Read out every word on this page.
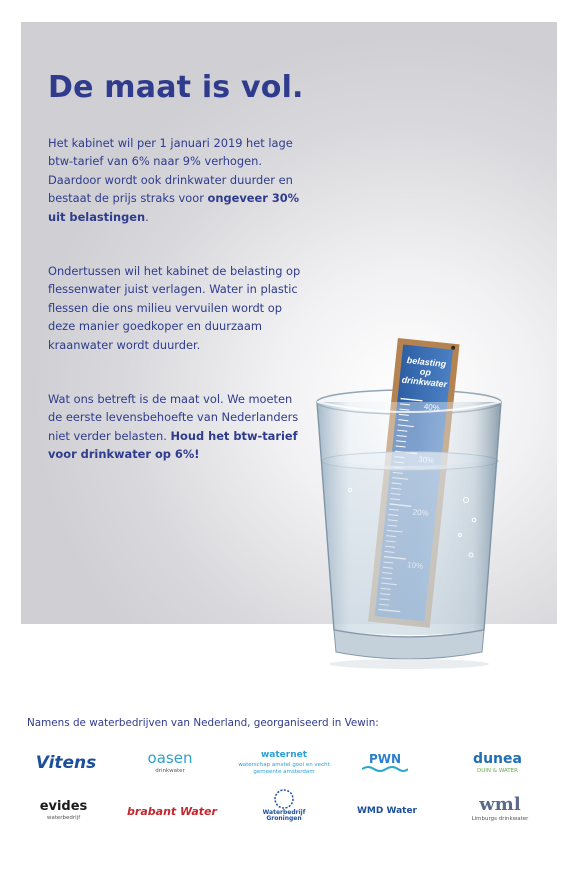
De maat is vol.

Het kabinet wil per 1 januari 2019 het lage btw-tarief van 6% naar 9% verhogen. Daardoor wordt ook drinkwater duurder en bestaat de prijs straks voor ongeveer 30% uit belastingen.

Ondertussen wil het kabinet de belasting op flessenwater juist verlagen. Water in plastic flessen die ons milieu vervuilen wordt op deze manier goedkoper en duurzaam kraanwater wordt duurder.

Wat ons betreft is de maat vol. We moeten de eerste levensbehoefte van Nederlanders niet verder belasten. Houd het btw-tarief voor drinkwater op 6%!

belasting
op
drinkwater

Namens de waterbedrijven van Nederland, georganiseerd in Vewin:

Vitens	oasen
drinkwater
waternet
waterschap amstel gooi en vecht gemeente amsterdam
PWN	dunea
DUIN & WATER
evides
waterbedrijf
brabant Water	Waterbedrijf Groningen
WMD Water	wml
Limburgs drinkwater
